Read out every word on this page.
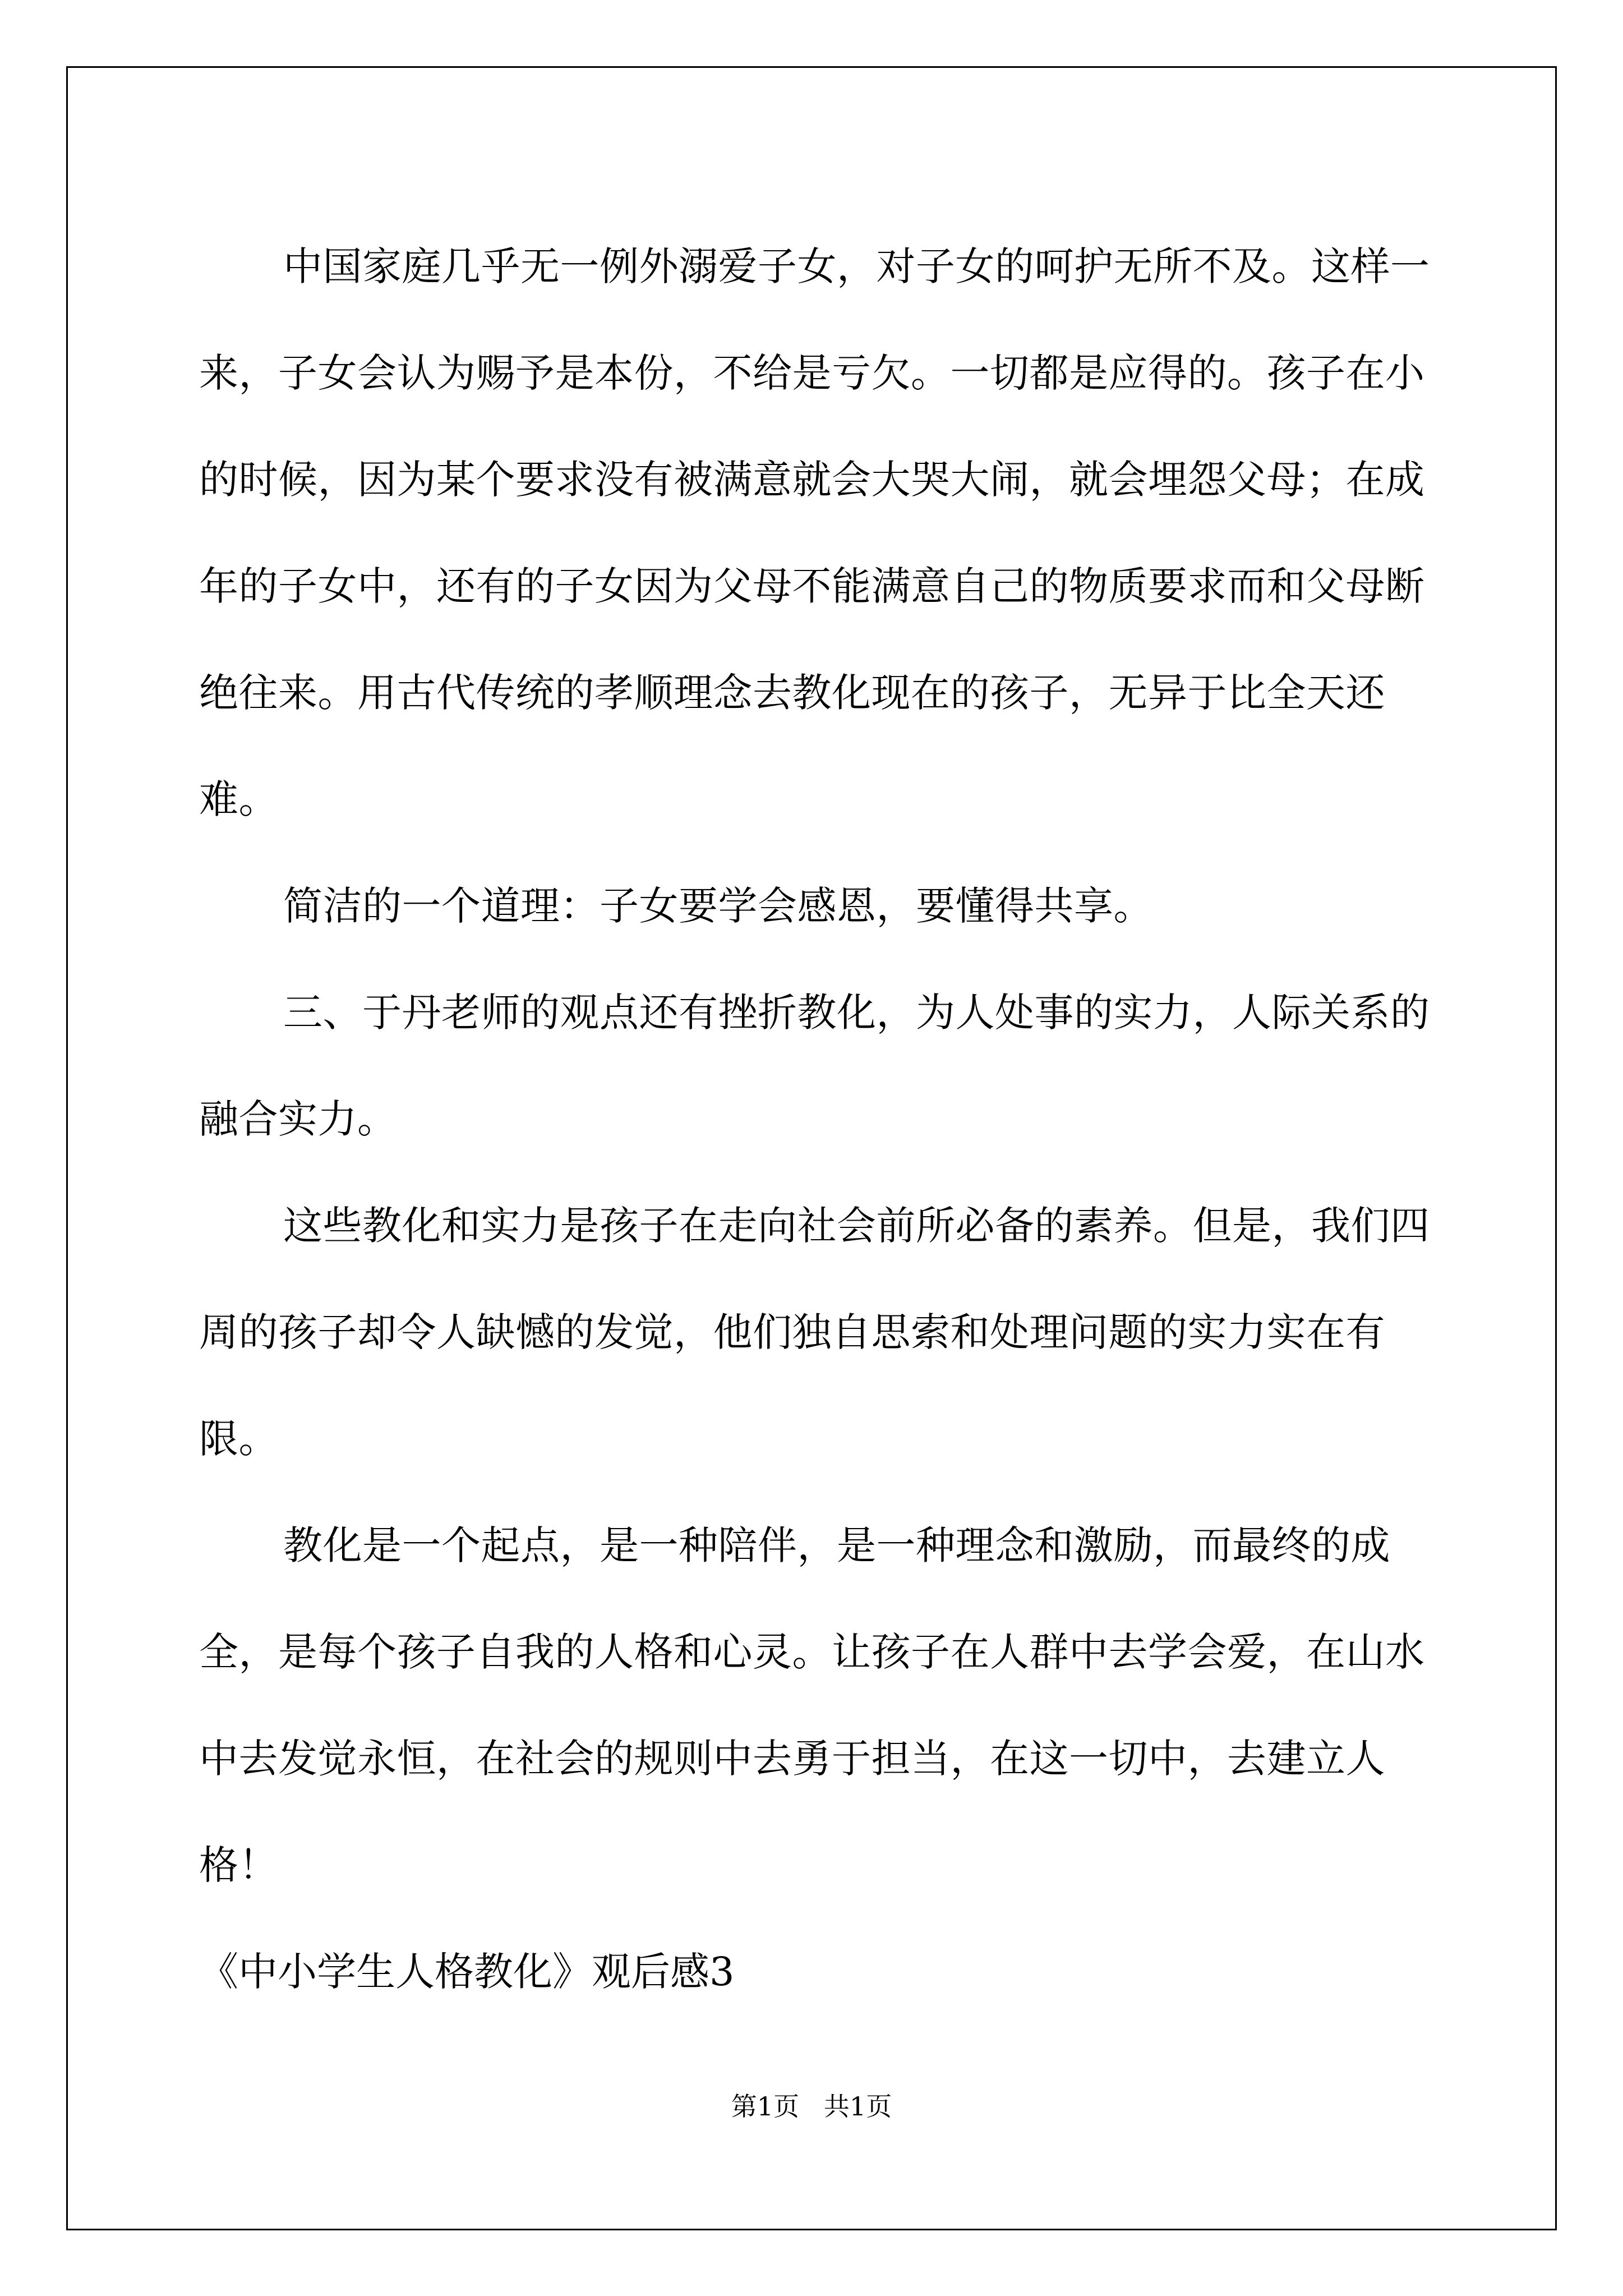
中国家庭几乎无一例外溺爱子女，对子女的呵护无所不及。这样一来，子女会认为赐予是本份，不给是亏欠。一切都是应得的。孩子在小的时候，因为某个要求没有被满意就会大哭大闹，就会埋怨父母；在成年的子女中，还有的子女因为父母不能满意自己的物质要求而和父母断绝往来。用古代传统的孝顺理念去教化现在的孩子，无异于比全天还难。

简洁的一个道理：子女要学会感恩，要懂得共享。

三、于丹老师的观点还有挫折教化，为人处事的实力，人际关系的融合实力。

这些教化和实力是孩子在走向社会前所必备的素养。但是，我们四周的孩子却令人缺憾的发觉，他们独自思索和处理问题的实力实在有限。

教化是一个起点，是一种陪伴，是一种理念和激励，而最终的成全，是每个孩子自我的人格和心灵。让孩子在人群中去学会爱，在山水中去发觉永恒，在社会的规则中去勇于担当，在这一切中，去建立人格！

《中小学生人格教化》观后感3

第1页   共1页
